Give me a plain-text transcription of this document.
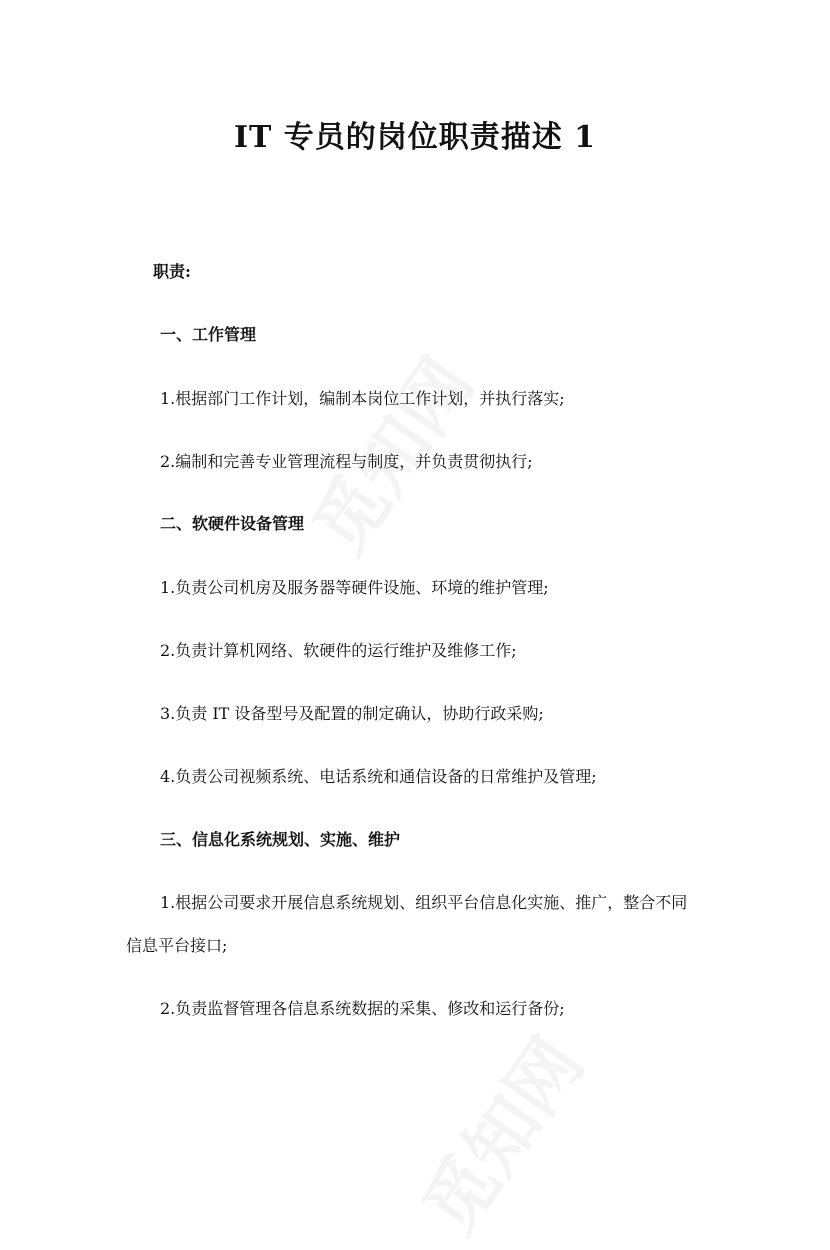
IT 专员的岗位职责描述 1

职责:

一、工作管理

1.根据部门工作计划，编制本岗位工作计划，并执行落实;

2.编制和完善专业管理流程与制度，并负责贯彻执行;

二、软硬件设备管理

1.负责公司机房及服务器等硬件设施、环境的维护管理;

2.负责计算机网络、软硬件的运行维护及维修工作;

3.负责 IT 设备型号及配置的制定确认，协助行政采购;

4.负责公司视频系统、电话系统和通信设备的日常维护及管理;

三、信息化系统规划、实施、维护

1.根据公司要求开展信息系统规划、组织平台信息化实施、推广，整合不同

信息平台接口;

2.负责监督管理各信息系统数据的采集、修改和运行备份;
